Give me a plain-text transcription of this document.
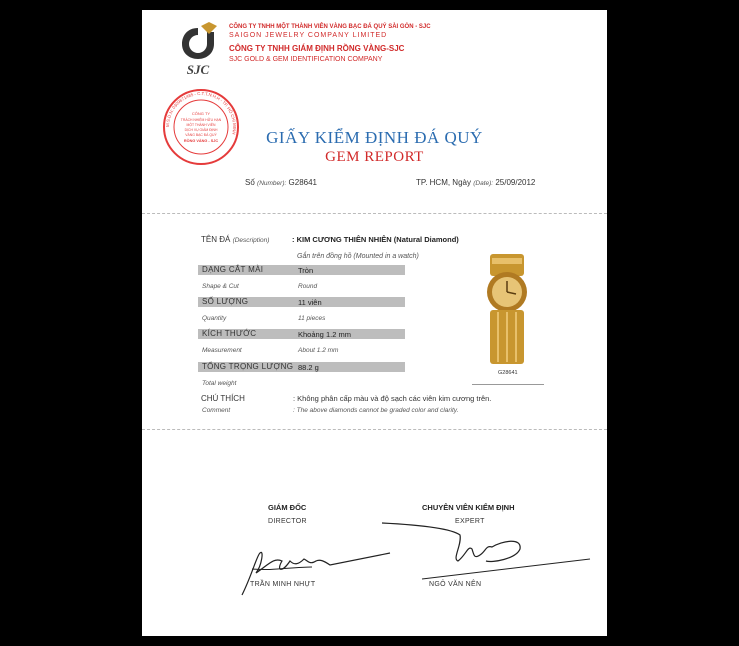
SJC
CÔNG TY TNHH MỘT THÀNH VIÊN VÀNG BẠC ĐÁ QUÝ SÀI GÒN - SJC
SAIGON JEWELRY COMPANY LIMITED
CÔNG TY TNHH GIÁM ĐỊNH RỒNG VÀNG-SJC
SJC GOLD & GEM IDENTIFICATION COMPANY
M.S.D.N: 0309671485 - C.T.T.N.H.H - TP. HỒ CHÍ MINH
CÔNG TY
TRÁCH NHIỆM HỮU HẠN
MỘT THÀNH VIÊN
DỊCH VỤ GIÁM ĐỊNH
VÀNG BẠC ĐÁ QUÝ
RỒNG VÀNG - SJC	GIẤY KIỂM ĐỊNH ĐÁ QUÝ
GEM REPORT
Số (Number): G28641	TP. HCM, Ngày (Date): 25/09/2012
TÊN ĐÁ (Description)	: KIM CƯƠNG THIÊN NHIÊN (Natural Diamond)
Gắn trên đồng hồ (Mounted in a watch)
DẠNG CẮT MÀI	Tròn
Shape & Cut	Round
SỐ LƯỢNG	11 viên
Quantity	11 pieces
KÍCH THƯỚC	Khoảng 1.2 mm
Measurement	About 1.2 mm
TỔNG TRỌNG LƯỢNG 88.2 g
Total weight
CHÚ THÍCH	: Không phân cấp màu và độ sạch các viên kim cương trên.
Comment	: The above diamonds cannot be graded color and clarity.
G28641
GIÁM ĐỐC
DIRECTOR
TRẦN MINH NHỰT
CHUYÊN VIÊN KIỂM ĐỊNH
EXPERT
NGÔ VĂN NÊN
